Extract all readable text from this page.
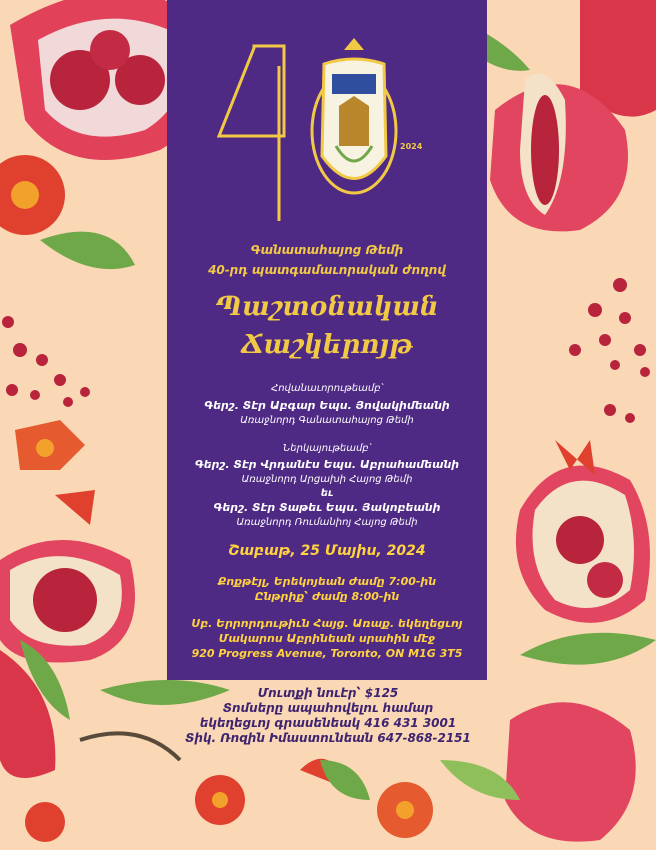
2024

Գանատահայոց Թեմի

40-րդ պատգամաւորական ժողով

Պաշտօնական
Ճաշկերոյթ

Հովանաւորութեամբ՝

Գերշ. Տէր Աբգար Եպս. Յովակիմեանի

Առաջնորդ Գանատահայոց Թեմի

Ներկայութեամբ՝

Գերշ. Տէր Վրդանէս Եպս. Աբրահամեանի

Առաջնորդ Արցախի Հայոց Թեմի

եւ

Գերշ. Տէր Տաթեւ Եպս. Յակոբեանի

Առաջնորդ Ռումանիոյ Հայոց Թեմի

Շաբաթ, 25 Մայիս, 2024

Քոքթէյլ, Երեկոյեան ժամը 7:00-ին

Ընթրիք՝ ժամը 8:00-ին

Սբ. Երրորդութիւն Հայց. Առաք. եկեղեցւոյ

Մակարոս Աբրինեան սրահին մէջ

920 Progress Avenue, Toronto, ON M1G 3T5

Մուտքի նուէր՝ $125
Տոմսերը ապահովելու համար
եկեղեցւոյ գրասենեակ 416 431 3001
Տիկ. Ռոզին Իմաստունեան 647-868-2151
